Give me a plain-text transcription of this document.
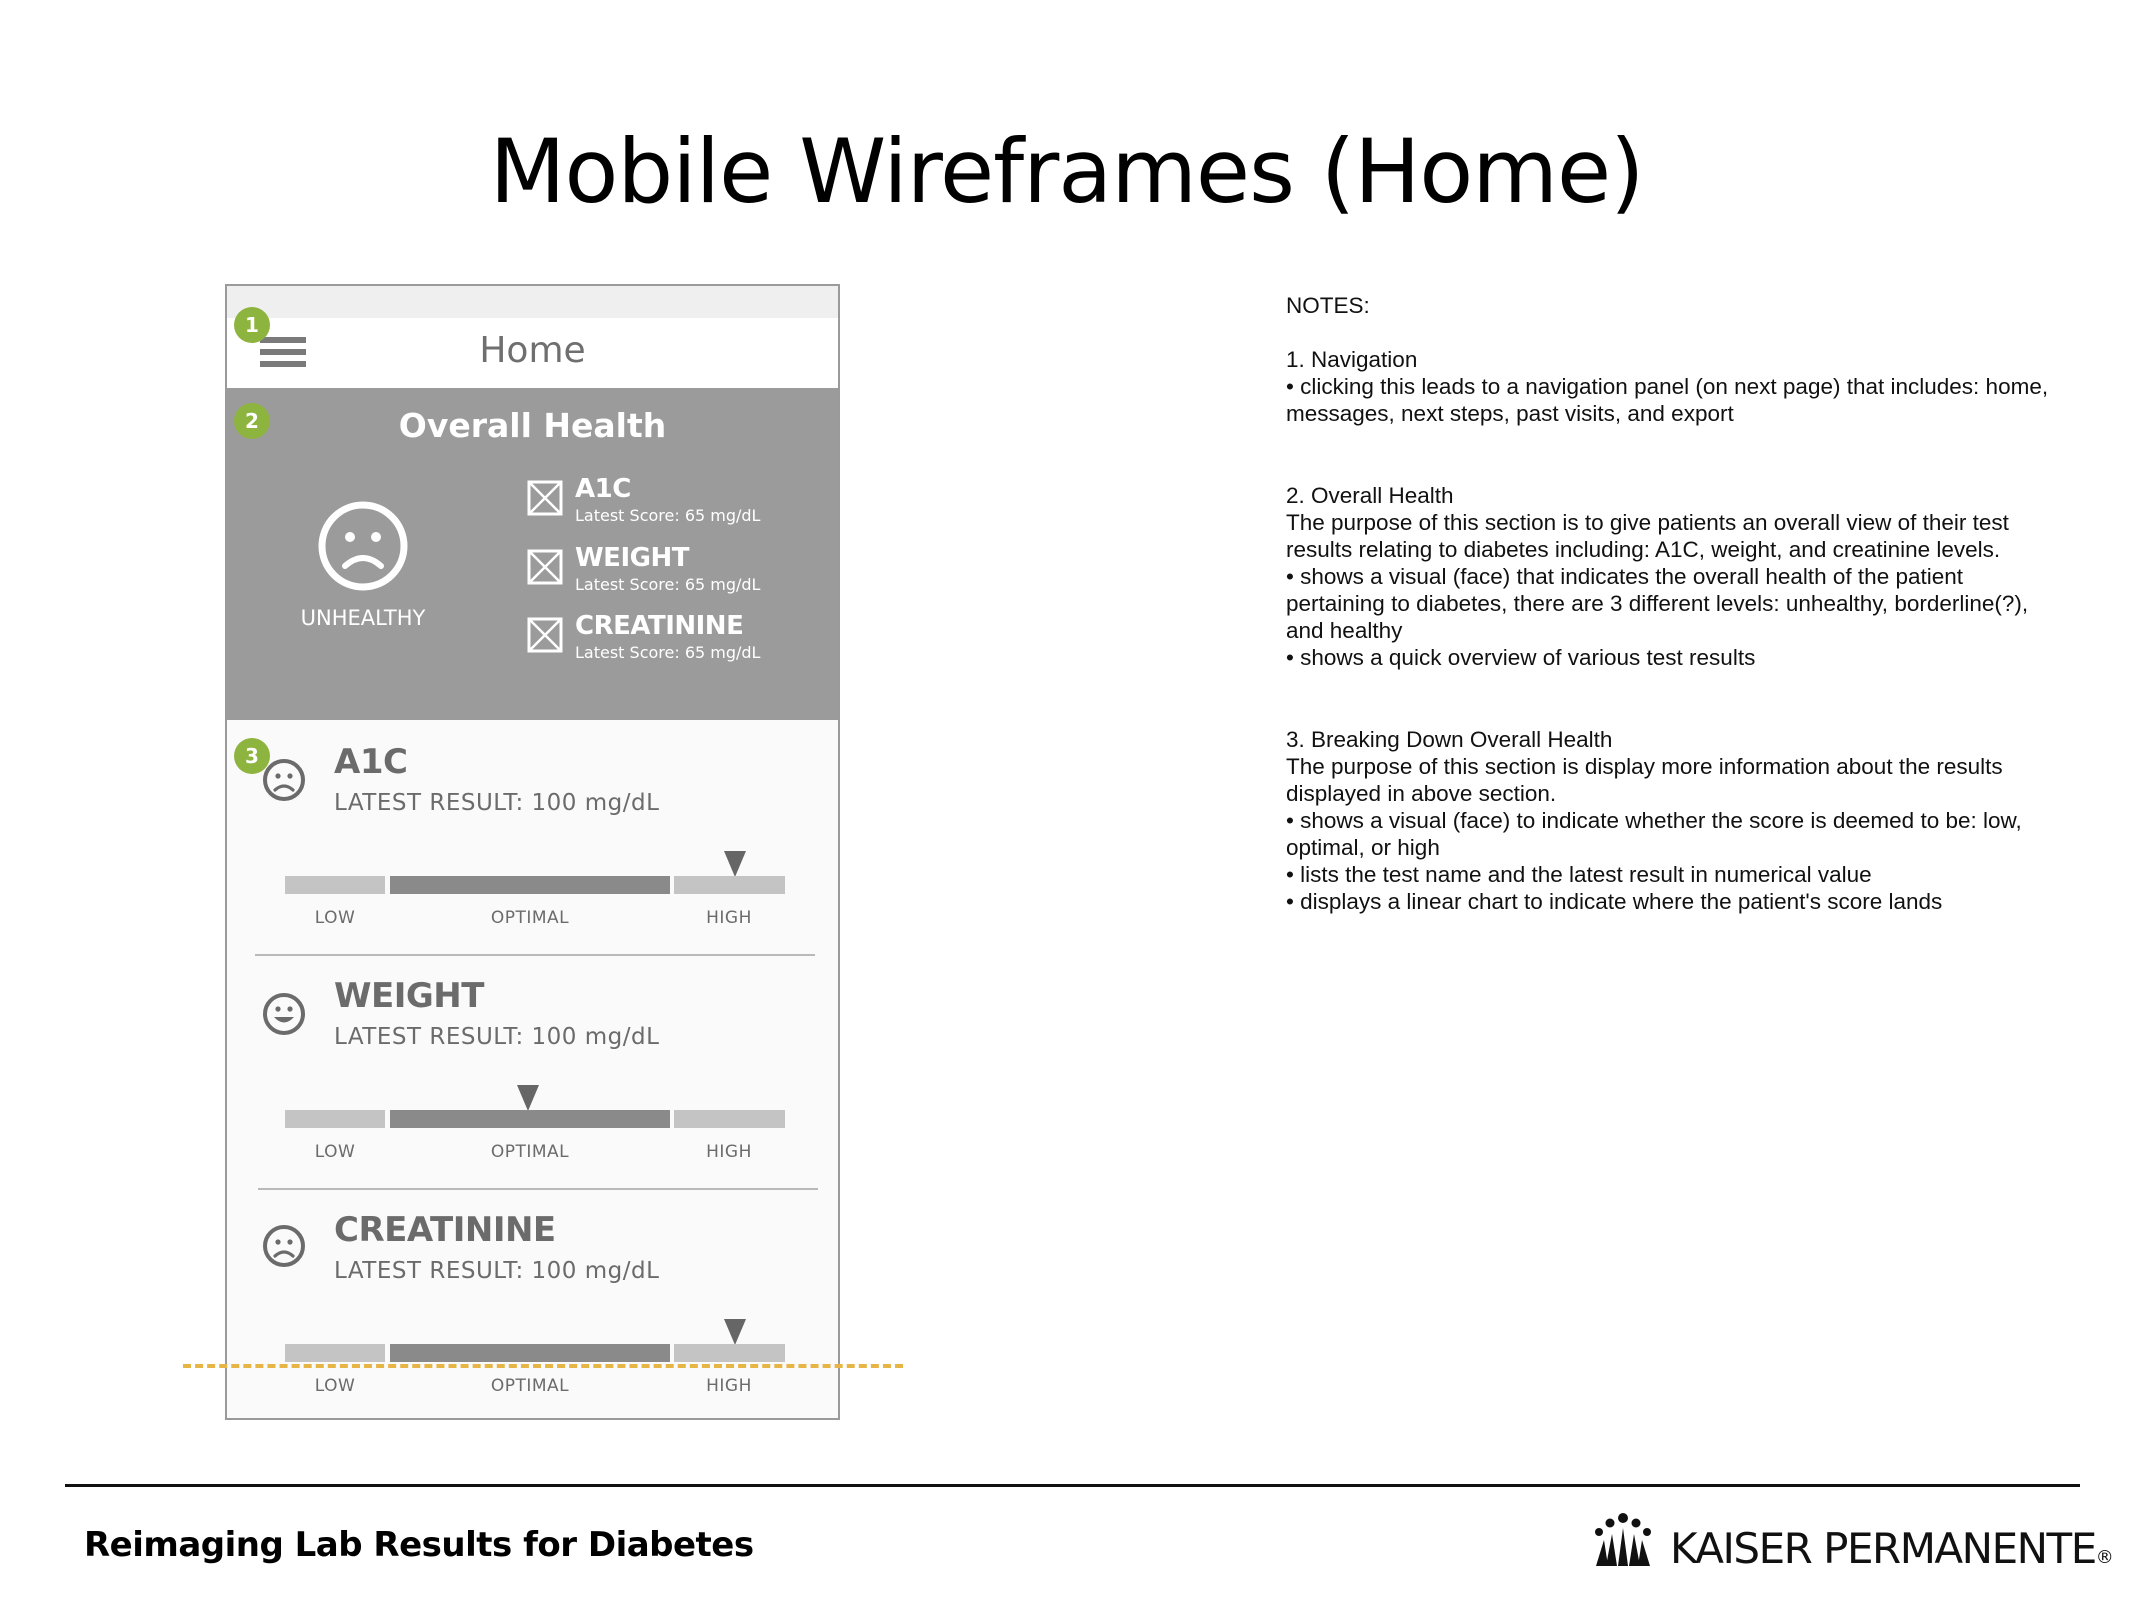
Mobile Wireframes (Home)
Home
Overall Health
UNHEALTHY
A1C
Latest Score: 65 mg/dL
WEIGHT
Latest Score: 65 mg/dL
CREATININE
Latest Score: 65 mg/dL
A1C
LATEST RESULT: 100 mg/dL
LOW	OPTIMAL	HIGH
WEIGHT
LATEST RESULT: 100 mg/dL
LOW	OPTIMAL	HIGH
CREATININE
LATEST RESULT: 100 mg/dL
LOW	OPTIMAL	HIGH
1
2
3

NOTES:

1. Navigation

• clicking this leads to a navigation panel (on next page) that includes: home, messages, next steps, past visits, and export

2. Overall Health

The purpose of this section is to give patients an overall view of their test results relating to diabetes including: A1C, weight, and creatinine levels.

• shows a visual (face) that indicates the overall health of the patient pertaining to diabetes, there are 3 different levels: unhealthy, borderline(?), and healthy

• shows a quick overview of various test results

3. Breaking Down Overall Health

The purpose of this section is display more information about the results displayed in above section.

• shows a visual (face) to indicate whether the score is deemed to be: low, optimal, or high

• lists the test name and the latest result in numerical value

• displays a linear chart to indicate where the patient's score lands

Reimaging Lab Results for Diabetes	KAISER PERMANENTE®
